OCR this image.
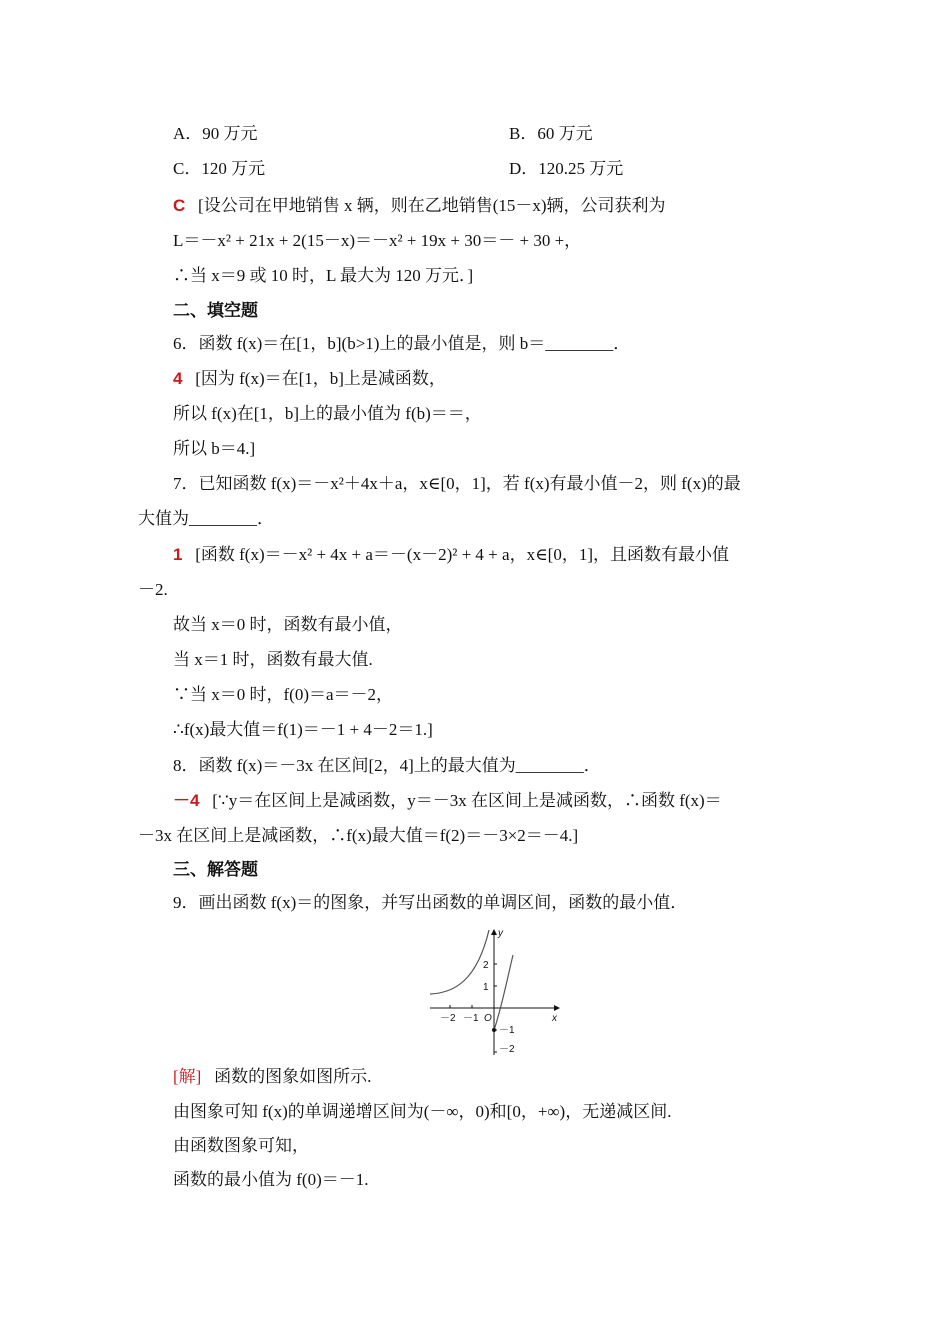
A．90 万元	B．60 万元
C．120 万元	D．120.25 万元
C [设公司在甲地销售 x 辆，则在乙地销售(15－x)辆，公司获利为
L＝－x² + 21x + 2(15－x)＝－x² + 19x + 30＝－ + 30 +，
∴当 x＝9 或 10 时，L 最大为 120 万元．]
二、填空题
6．函数 f(x)＝在[1，b](b>1)上的最小值是，则 b＝________．
4 [因为 f(x)＝在[1，b]上是减函数，
所以 f(x)在[1，b]上的最小值为 f(b)＝＝，
所以 b＝4.]
7．已知函数 f(x)＝－x²＋4x＋a，x∈[0，1]，若 f(x)有最小值－2，则 f(x)的最
大值为________．
1 [函数 f(x)＝－x² + 4x + a＝－(x－2)² + 4 + a，x∈[0，1]，且函数有最小值
－2.
故当 x＝0 时，函数有最小值，
当 x＝1 时，函数有最大值.
∵当 x＝0 时，f(0)＝a＝－2，
∴f(x)最大值＝f(1)＝－1 + 4－2＝1.]
8．函数 f(x)＝－3x 在区间[2，4]上的最大值为________．
－4 [∵y＝在区间上是减函数，y＝－3x 在区间上是减函数，∴函数 f(x)＝
－3x 在区间上是减函数，∴f(x)最大值＝f(2)＝－3×2＝－4.]
三、解答题
9．画出函数 f(x)＝的图象，并写出函数的单调区间，函数的最小值．
y
x
O
－2 －1
2
1
－1
－2
[解] 函数的图象如图所示.
由图象可知 f(x)的单调递增区间为(－∞，0)和[0，+∞)，无递减区间.
由函数图象可知，
函数的最小值为 f(0)＝－1.
